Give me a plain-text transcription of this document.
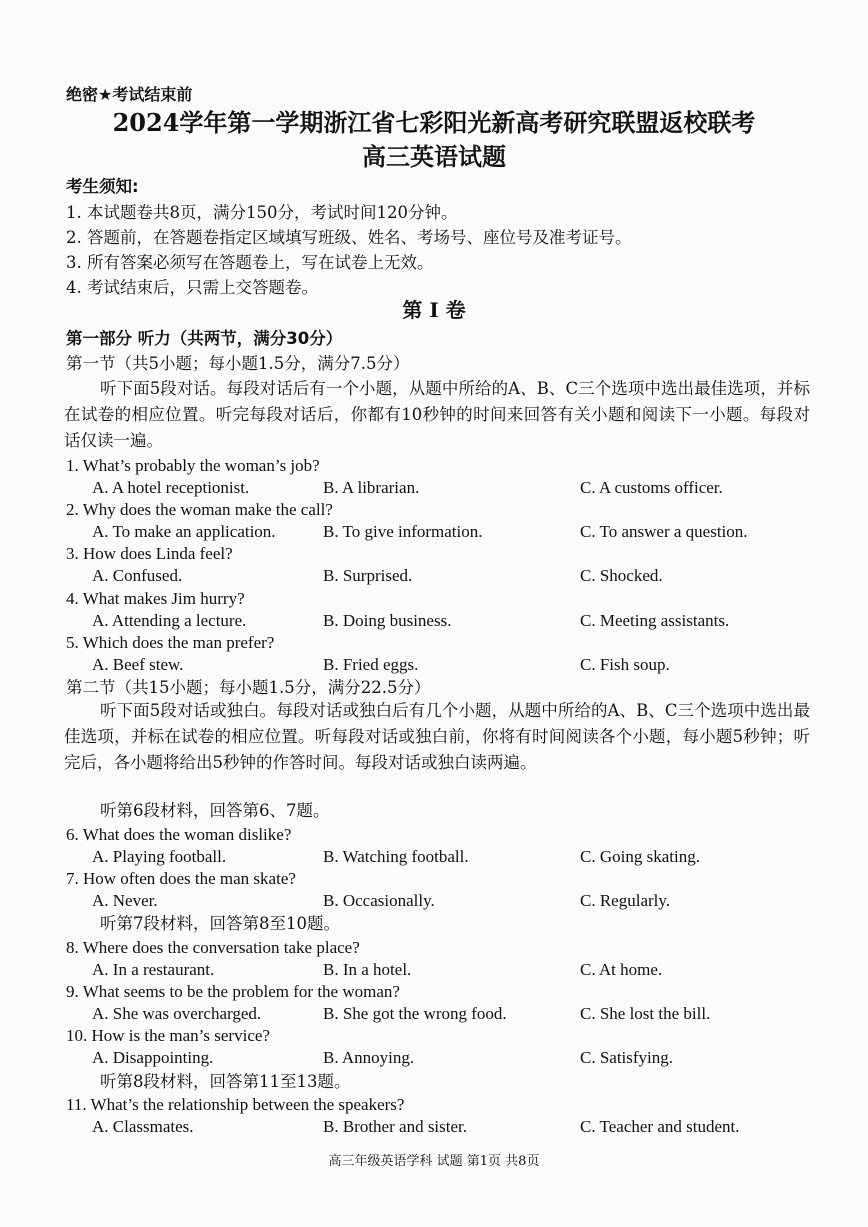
绝密★考试结束前
2024学年第一学期浙江省七彩阳光新高考研究联盟返校联考
高三英语试题
考生须知:
1. 本试题卷共8页，满分150分，考试时间120分钟。
2. 答题前，在答题卷指定区域填写班级、姓名、考场号、座位号及准考证号。
3. 所有答案必须写在答题卷上，写在试卷上无效。
4. 考试结束后，只需上交答题卷。
第 I 卷
第一部分 听力（共两节，满分30分）
第一节（共5小题；每小题1.5分，满分7.5分）
听下面5段对话。每段对话后有一个小题，从题中所给的A、B、C三个选项中选出最佳选项，并标在试卷的相应位置。听完每段对话后，你都有10秒钟的时间来回答有关小题和阅读下一小题。每段对话仅读一遍。
1. What’s probably the woman’s job?
A. A hotel receptionist.	B. A librarian.	C. A customs officer.
2. Why does the woman make the call?
A. To make an application.	B. To give information.	C. To answer a question.
3. How does Linda feel?
A. Confused.	B. Surprised.	C. Shocked.
4. What makes Jim hurry?
A. Attending a lecture.	B. Doing business.	C. Meeting assistants.
5. Which does the man prefer?
A. Beef stew.	B. Fried eggs.	C. Fish soup.
第二节（共15小题；每小题1.5分，满分22.5分）
听下面5段对话或独白。每段对话或独白后有几个小题，从题中所给的A、B、C三个选项中选出最佳选项，并标在试卷的相应位置。听每段对话或独白前，你将有时间阅读各个小题，每小题5秒钟；听完后，各小题将给出5秒钟的作答时间。每段对话或独白读两遍。
听第6段材料，回答第6、7题。
6. What does the woman dislike?
A. Playing football.	B. Watching football.	C. Going skating.
7. How often does the man skate?
A. Never.	B. Occasionally.	C. Regularly.
听第7段材料，回答第8至10题。
8. Where does the conversation take place?
A. In a restaurant.	B. In a hotel.	C. At home.
9. What seems to be the problem for the woman?
A. She was overcharged.	B. She got the wrong food.	C. She lost the bill.
10. How is the man’s service?
A. Disappointing.	B. Annoying.	C. Satisfying.
听第8段材料，回答第11至13题。
11. What’s the relationship between the speakers?
A. Classmates.	B. Brother and sister.	C. Teacher and student.
高三年级英语学科 试题 第1页 共8页
